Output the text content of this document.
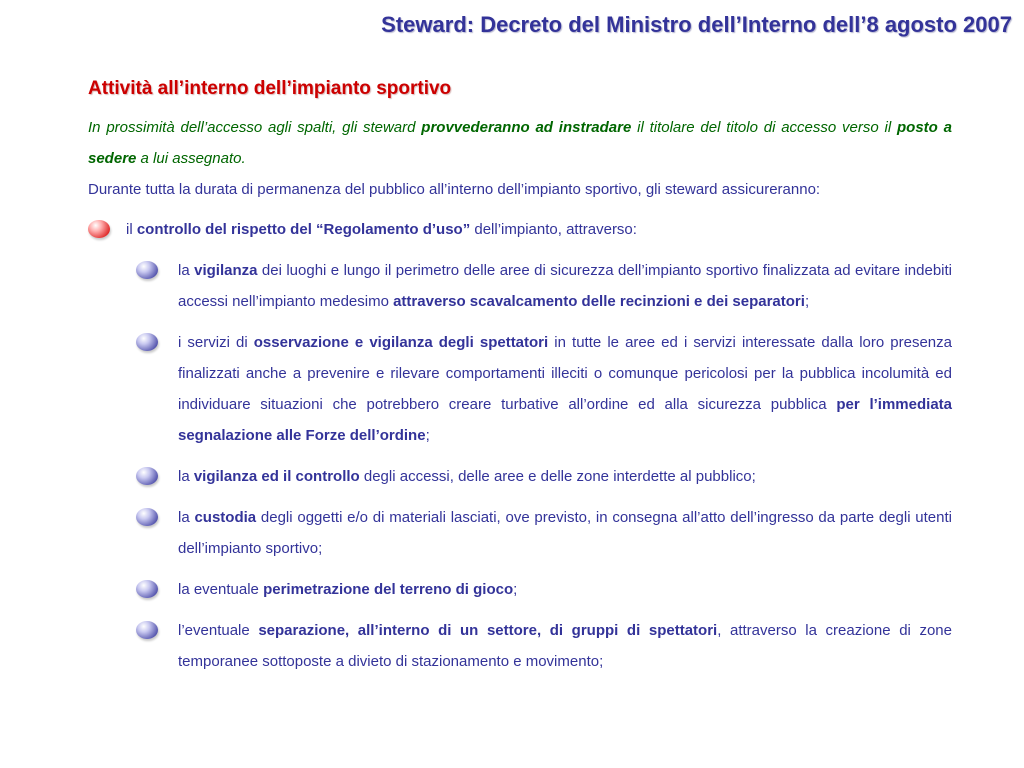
Steward: Decreto del Ministro dell’Interno dell’8 agosto 2007
Attività all’interno dell’impianto sportivo
In prossimità dell’accesso agli spalti, gli steward provvederanno ad instradare il titolare del titolo di accesso verso il posto a sedere a lui assegnato.
Durante tutta la durata di permanenza del pubblico all’interno dell’impianto sportivo, gli steward assicureranno:
il controllo del rispetto del “Regolamento d’uso” dell’impianto, attraverso:
la vigilanza dei luoghi e lungo il perimetro delle aree di sicurezza dell’impianto sportivo finalizzata ad evitare indebiti accessi nell’impianto medesimo attraverso scavalcamento delle recinzioni e dei separatori;
i servizi di osservazione e vigilanza degli spettatori in tutte le aree ed i servizi interessate dalla loro presenza finalizzati anche a prevenire e rilevare comportamenti illeciti o comunque pericolosi per la pubblica incolumità ed individuare situazioni che potrebbero creare turbative all’ordine ed alla sicurezza pubblica per l’immediata segnalazione alle Forze dell’ordine;
la vigilanza ed il controllo degli accessi, delle aree e delle zone interdette al pubblico;
la custodia degli oggetti e/o di materiali lasciati, ove previsto, in consegna all’atto dell’ingresso da parte degli utenti dell’impianto sportivo;
la eventuale perimetrazione del terreno di gioco;
l’eventuale separazione, all’interno di un settore, di gruppi di spettatori, attraverso la creazione di zone temporanee sottoposte a divieto di stazionamento e movimento;
